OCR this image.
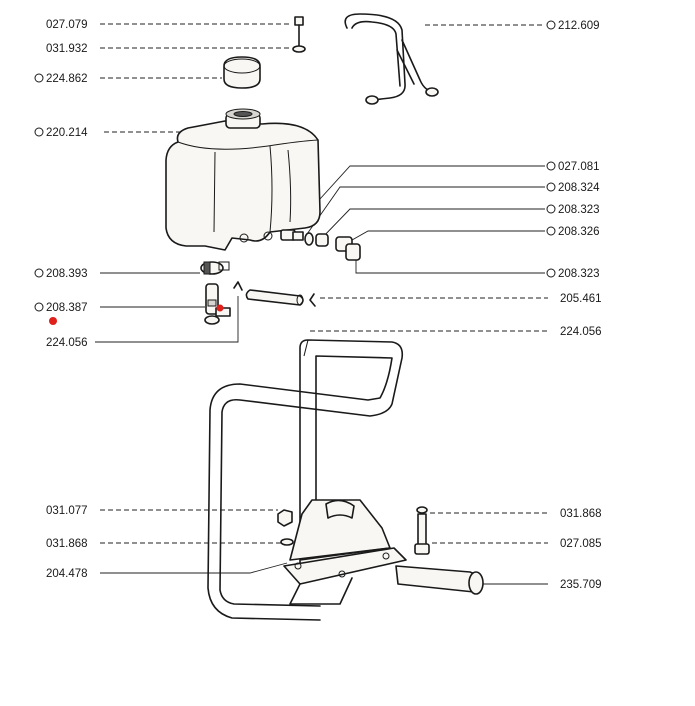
027.079
031.932
224.862
220.214
212.609
027.081
208.324
208.323
208.326
208.323
208.393
208.387
205.461
224.056
224.056
031.077
031.868
204.478
031.868
027.085
235.709
